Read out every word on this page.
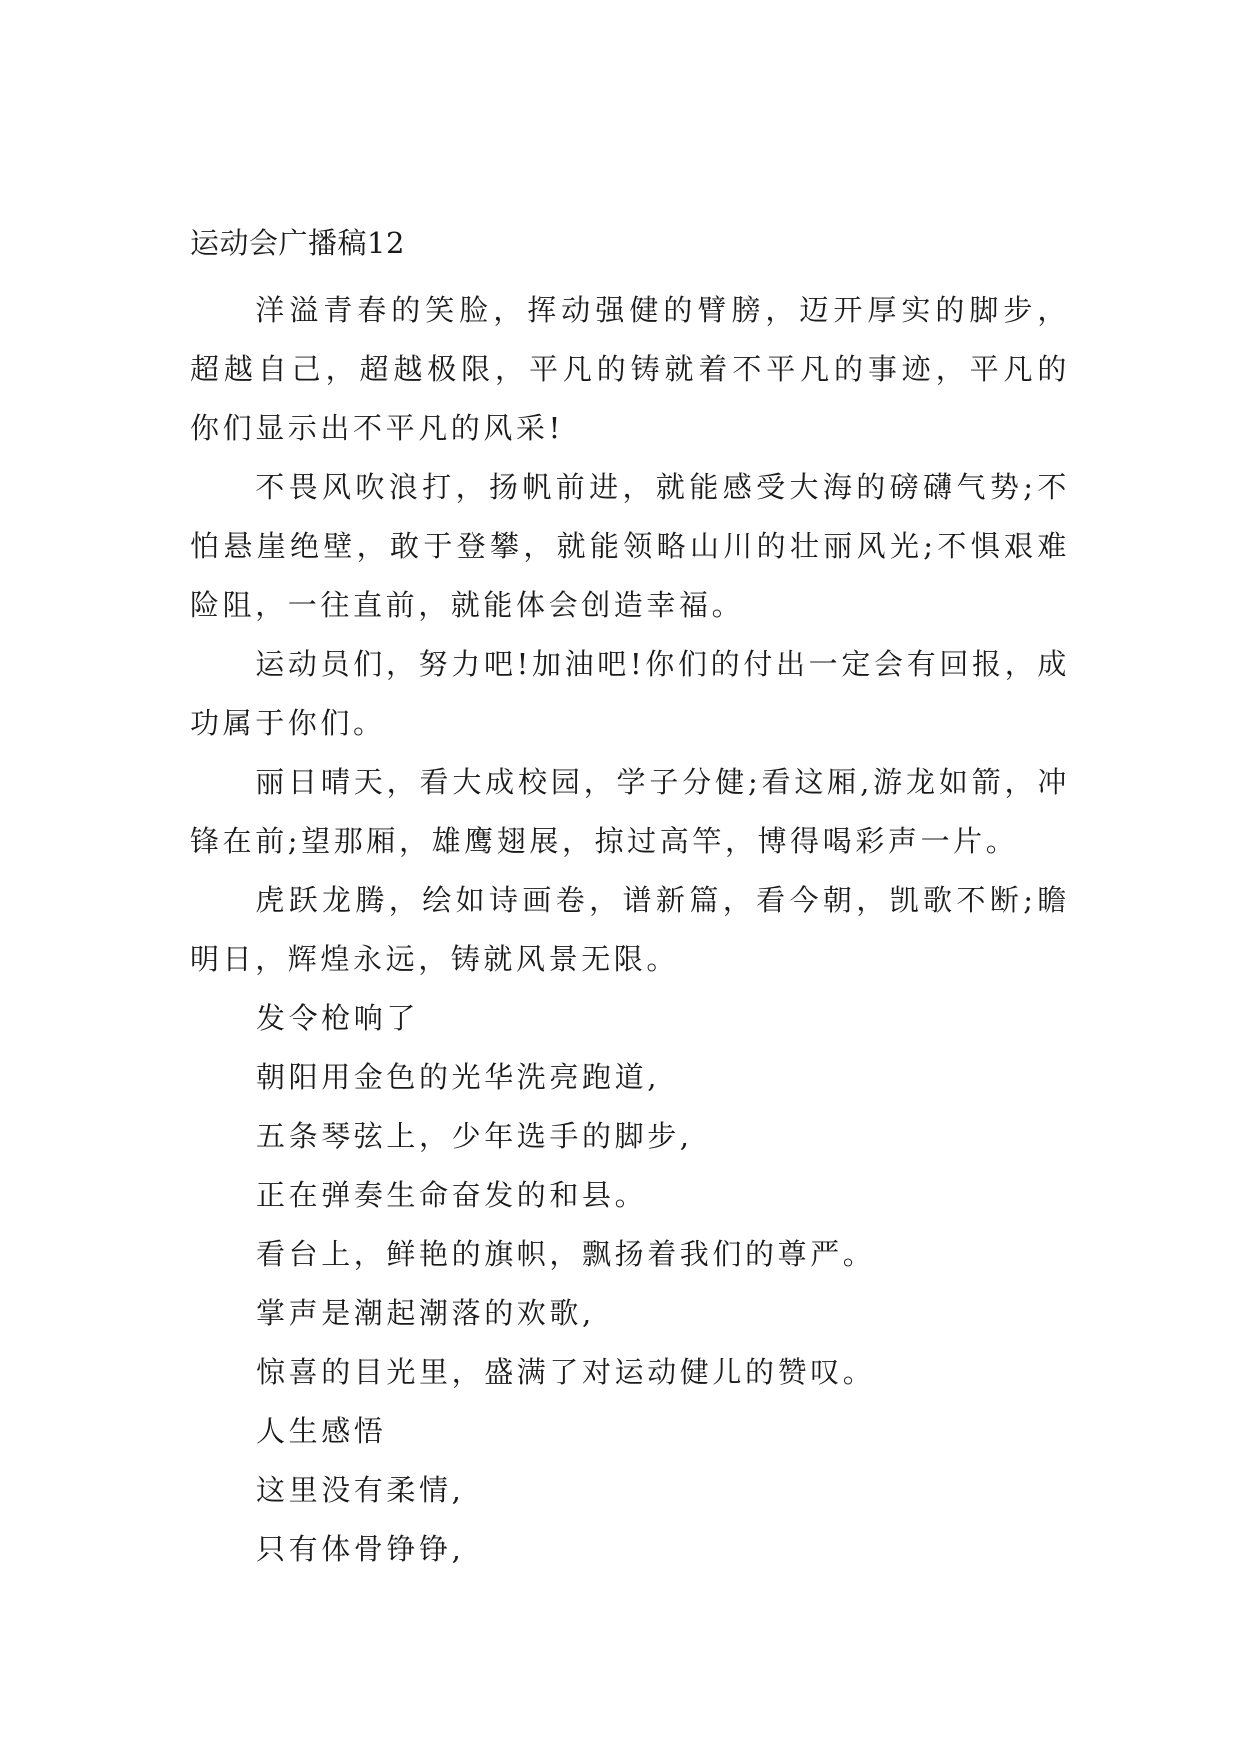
运动会广播稿12

洋溢青春的笑脸，挥动强健的臂膀，迈开厚实的脚步，超越自己，超越极限，平凡的铸就着不平凡的事迹，平凡的你们显示出不平凡的风采!

不畏风吹浪打，扬帆前进，就能感受大海的磅礴气势;不怕悬崖绝壁，敢于登攀，就能领略山川的壮丽风光;不惧艰难险阻，一往直前，就能体会创造幸福。

运动员们，努力吧!加油吧!你们的付出一定会有回报，成功属于你们。

丽日晴天，看大成校园，学子分健;看这厢,游龙如箭，冲锋在前;望那厢，雄鹰翅展，掠过高竿，博得喝彩声一片。

虎跃龙腾，绘如诗画卷，谱新篇，看今朝，凯歌不断;瞻明日，辉煌永远，铸就风景无限。

发令枪响了
朝阳用金色的光华洗亮跑道,
五条琴弦上，少年选手的脚步,
正在弹奏生命奋发的和县。
看台上，鲜艳的旗帜，飘扬着我们的尊严。
掌声是潮起潮落的欢歌,
惊喜的目光里，盛满了对运动健儿的赞叹。
人生感悟
这里没有柔情,
只有体骨铮铮,
